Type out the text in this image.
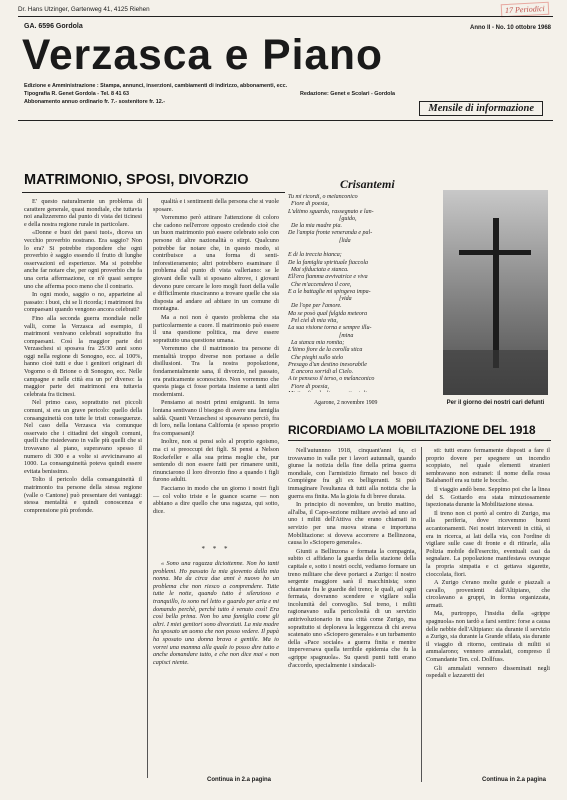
Dr. Hans Utzinger, Gartenweg 41, 4125 Riehen	17 Periodici
GA. 6596 Gordola	Anno II - No. 10 ottobre 1968
Verzasca e Piano
Edizione e Amministrazione : Stampa, annunci, inserzioni, cambiamenti di indirizzo, abbonamenti, ecc.
Tipografia R. Genet Gordola - Tel. 8 41 63
Abbonamento annuo ordinario fr. 7.- sostenitore fr. 12.-
Redazione: Genet e Scolari - Gordola
Mensile di informazione
MATRIMONIO, SPOSI, DIVORZIO

E' questo naturalmente un problema di carattere generale, quasi mondiale, che tuttavia noi analizzeremo dal punto di vista dei ticinesi e della nostra regione rurale in particolare.

«Donne e buoi dei paesi tuoi», diceva un vecchio proverbio nostrano. Era saggio? Non lo era? Si potrebbe rispondere che ogni proverbio è saggio essendo il frutto di lunghe osservazioni ed esperienze. Ma si potrebbe anche far notare che, per ogni proverbio che fa una certa affermazione, ce n'è quasi sempre uno che afferma poco meno che il contrario.

In ogni modo, saggio o no, apparteine al passato: i buoi, chi se li ricorda; i matrimoni fra compaesani quando vengono ancora celebrati?

Fino alla seconda guerra mondiale nelle valli, come la Verzasca ad esempio, il matrimoni venivano celebrati soprattutto fra compaesani. Così la maggior parte dei Verzaschesi si sposava fra 25/30 anni sono oggi nella regione di Sonogno, ecc. al 100%, hanno cioè tutti e due i genitori originari di Vogorno o di Brione o di Sonogno, ecc. Nelle campagne e nelle città era un po' diverso: la maggior parte dei matrimoni era tuttavia celebrata fra ticinesi.

Nel primo caso, soprattutto nei piccoli comuni, si era un grave pericolo: quello della consanguineità con tutte le tristi conseguenze. Nel caso della Verzasca via comunque osservato che i cittadini dei singoli comuni, quelli che risiedevano in valle più quelli che si trovavano al piano, superavano spesso il numero di 300 e a volte si avvicinavano ai 1000. La consanguineità poteva quindi essere evitata benissimo.

Tolto il pericolo della consanguineità il matrimonio tra persone della stessa regione (valle o Cantone) può presentare dei vantaggi: stessa mentalità e quindi conoscenza e comprensione più profonde.

qualità e i sentimenti della persona che si vuole sposare.

Vorremmo però attirare l'attenzione di coloro che cadono nell'errore opposto credendo cioè che un buon matrimonio può essere celebrato solo con persone di altre nazionalità o stirpi. Qualcuno potrebbe far notare che, in questo modo, si contribuisce a una forma di senti-inforestieramento; altri potrebbero esaminare il problema dal punto di vista valleriano: se le giovani delle valli si sposano altrove, i giovani devono pure cercare le loro mogli fuori della valle e difficilmente riusciranno a trovare quelle che sia disposta ad andare ad abitare in un comune di montagna.

Ma a noi non è questo problema che sta particolarmente a cuore. Il matrimonio può essere il una questione politica, ma deve essere soprattutto una questione umana.

Vorremmo che il matrimonio tra persone di mentalità troppo diverse non portasse a delle disillusioni. Tra la nostra popolazione, fondamentalmente sana, il divorzio, nel passato, era praticamente sconosciuto. Non vorremmo che questa piaga ci fosse portata insieme a tanti altri modernismi.

Pensiamo ai nostri primi emigranti. In terra lontana sentivano il bisogno di avere una famiglia saldà. Quanti Verzaschesi si sposavano perciò, fra di loro, nella lontana California (e spesso proprio fra compaesani)!

Inoltre, non si pensi solo al proprio egoismo, ma ci si preoccupi dei figli. Si pensi a Nelson Rockefeller e alla sua prima moglie che, pur sentendo di non essere fatti per rimanere uniti, rinunciarono il loro divorzio fino a quando i figli furono adulti.

Facciamo in modo che un giorno i nostri figli — col volto triste e le guance scarne — non abbiano a dire quello che una ragazza, qui sotto, dice.

* * *

« Sono una ragazza diciottenne. Non ho tanti problemi. Ho passato la mia giovento dalla mia nonna. Ma da circa due anni è nuovo ho un problema che non riesco a comprendere. Tutte tutte le notte, quando tutto è silenzioso e tranquillo, io sono nel letto e guardo per aria e mi domando perchè, perchè tutto è venuto così! Era così bella prima. Non ho una famiglia come gli altri. I miei genitori sono divorziati. La mia madre ha sposato un uomo che non posso vedere. Il papà ha sposato una donna brava e gentile. Ma io vorrei una mamma alla quale io posso dire tutto e anche domandare tutto, e che non dice mai « non capisci niente.

Continua in 2.a pagina
Crisantemi
Tu mi ricordi, o melanconico
Fiore di poesia,
L'ultimo sguardo, rassegnato e lan-
[guido,
De la mia madre pia.
De l'ampia fronte veneranda e pal-
[lida

E di la treccia bianca;
De la famiglia spirituale fiaccola
Mai sfiduciata e stanca.
Ell'era fiamma avvivatrice e viva
Che m'accendeva il core,
E a le battaglie mi spingeva impa-
[vida
De l'ope per l'amore.
Ma se posò qual fulgida meteora
Pel ciel di mia vita,
La sua visione torna e sempre illu-
[mina
La stanca mia romita;
L'ltimo fiore de la corolla stica
Che pieghi sullo stelo
Presago d'un destino inesorabile
E ancora sorridi al Cielo.
A te penseso il terso, o melanconico
Fiore di poesia,

Agarone, 2 novembre 1909	Per il giorno dei nostri cari defunti
RICORDIAMO LA MOBILITAZIONE DEL 1918

Nell'autunnno 1918, cinquant'anni fa, ci trovavamo in valle per i lavori autunnali, quando giunse la notizia della fine della prima guerra mondiale, con l'armistizio firmato nel bosco di Compiègne fra gli ex belligeranti. Si può immaginare l'esultanza di tutti alla notizia che la guerra era finita. Ma la gioia fu di breve durata.

In principio di novembre, un brutto mattino, all'alba, il Capo-sezione militare avvisò ad uno ad uno i militi dell'Attiva che erano chiamati in servizio per una nuova strana e importuna Mobilitazione: si doveva accorrere a Bellinzona, causa lo «Sciopero generale».

Giunti a Bellinzona e formata la compagnia, subito ci affidano la guardia della stazione della capitale e, sotto i nostri occhi, vediamo formare un treno militare che deve portarci a Zurigo: il nostro sergente maggiore sarà il macchinista; sono chiamate fra le guardie del treno; le quali, ad ogni fermata, dovranno scendere e vigilare sulla incolumità del convoglio. Sul treno, i militi ragionavano sulla pericolosità di un servizio antirivoluzionario in una città come Zurigo, ma soprattutto si deplorava la leggerezza di chi aveva scatenato uno «Sciopero generale» e un turbamento della «Pace sociale» a guerra finita e mentre imperversava quella terribile epidemia che fu la «grippe spagnuola». Su questi punti tutti erano d'accordo, specialmente i sindacali-

sti: tutti erano fermamente disposti a fare il proprio dovere per spegnere un incendio scoppiato, nel quale elementi stranieri sembravano non estranei: il nome della rossa Balabanoff era su tutte le bocche.

Il viaggio andò bene. Seppimo poi che la linea del S. Gottardo era stata minuziosamente ispezionata durante la Mobilitazione stessa.

Il treno non ci portò al centro di Zurigo, ma alla periferia, dove ricevemmo buoni accantonamenti. Nei nostri interventi in città, si era in ricerca, ai lati della via, con l'ordine di vigilare sulle case di fronte e di ritirarle, alla Polizia mobile dell'esercito, eventuali casi da segnalare. La popolazione manifestava ovunque la propria simpatia e ci gettava sigarette, cioccolata, fiori.

A Zurigo c'erano molte guide e piazzali a cavallo, provenienti dall'Altipiano, che circolavano a gruppi, in forma organizzata, armati.

Ma, purtroppo, l'insidia della «grippe spagnuola» non tardò a farsi sentire: forse a causa delle nebbie dell'Altipiano: sia durante il servizio a Zurigo, sia durante la Grande sfilata, sia durante il viaggio di ritorno, centinaia di militi si ammalarono; vennero ammalati, compreso il Comandante Ten. col. Dollfuss.

Gli ammalati vennero disseminati negli ospedali e lazzaretti dei

Continua in 2.a pagina
